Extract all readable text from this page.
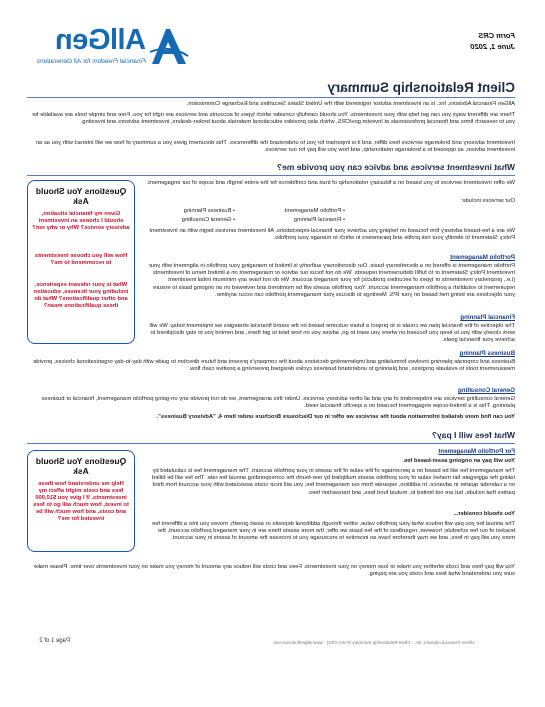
Form CRS
June 1, 2020
AllGen
Financial Freedom for All Generations
Client Relationship Summary
AllGen Financial Advisors, Inc. is an investment advisor registered with the United States Securities and Exchange Commission.
There are different ways you can get help with your investments. You should carefully consider which types of accounts and services are right for you. Free and simple tools are available for you to research firms and financial professionals at Investor.gov/CRS, which also provides educational materials about broker-dealers, investment advisors and investing.
Investment advisory and brokerage services fees differ, and it is important for you to understand the differences. This document gives you a summary of how we will interact with you as an investment advisor, as opposed to a brokerage relationship, and how you will pay for our services.
What investment services and advice can you provide me?
We offer investment services to you based on a fiduciary relationship of trust and confidence for the entire length and scope of our engagement.
Our services include:
• Portfolio Management
• Financial Planning
• Business Planning
• General Consulting
We are a fee-based advisory firm focused on helping you achieve your financial expectations. All investment services begin with an Investment Policy Statement to identify your risk profile and parameters in which to manage your portfolio.
Portfolio Management
Portfolio management is offered on a discretionary basis. Our discretionary authority is limited to managing your portfolio in alignment with your Investment Policy Statement or to fulfill disbursement requests. We do not focus our advice or management on a limited menu of investments (i.e., proprietary investments or types of securities products) for your managed account. We do not have any minimum initial investment requirement to establish a portfolio management account. Your portfolio assets will be monitored and reviewed on an ongoing basis to ensure your objectives are being met based on your IPS. Meetings to discuss your management portfolio can occur anytime.
Financial Planning
The objective of the financial plan we create is to project a future outcome based on the sound financial strategies we implement today. We will work closely with you to keep you focused on where you want to go, advise you on how best to get there, and remind you to stay disciplined to achieve your financial goals.
Business Planning
Business and corporate planning involves formulating and implementing decisions about the company's present and future direction to guide with day-to-day organizational choices, provide measurement tools to evaluate progress, and planning to understand business cycles designed preserving a positive cash flow.
General Consulting
General consulting services are independent of any and all other advisory services. Under this arrangement, we do not provide any on-going portfolio management, financial or business planning. This is a limited-scope engagement focused on a specific financial need.
You can find more detailed information about the services we offer in our Disclosure Brochure under Item 4, "Advisory Business".
Questions You Should Ask
Given my financial situation, should I choose an investment advisory service? Why or why not?
How will you choose investments to recommend to me?
What is your relevant experience, including your licenses, education and other qualifications? What do these qualifications mean?
What fees will I pay?
For Portfolio Management
You will pay an ongoing asset-based fee.
The management fee will be based on a percentage of the value of the assets in your portfolio account. The management fee is calculated by taking the aggregate fair market value of your portfolio assets multiplied by one-fourth the corresponding annual fee rate. The fee will be billed on a calendar quarter in advance. In addition, separate from our management fee, you will incur costs associated with your account from third parties that include, but are not limited to, mutual fund fees, and transaction fees.
You should consider...
The annual fee you pay will reduce what your portfolio value, either through additional deposits or asset growth, moves you into a different fee bracket of our fee schedule; however, regardless of the fee basis we offer, the more assets there are in your managed portfolio account, the more you will pay in fees, and we may therefore have an incentive to encourage you to increase the amount of assets in your account.
You will pay fees and costs whether you make or lose money on your investments. Fees and costs will reduce any amount of money you make on your investments over time. Please make sure you understand what fees and costs you are paying.
Questions You Should Ask
Help me understand how these fees and costs might affect my investments. If I give you $10,000 to invest, how much will go to fees and costs, and how much will be invested for me?
AllGen Financial Advisors, Inc. - Client Relationship Summary (Form CRS) - www.allgenfinancial.com
Page 1 of 2
